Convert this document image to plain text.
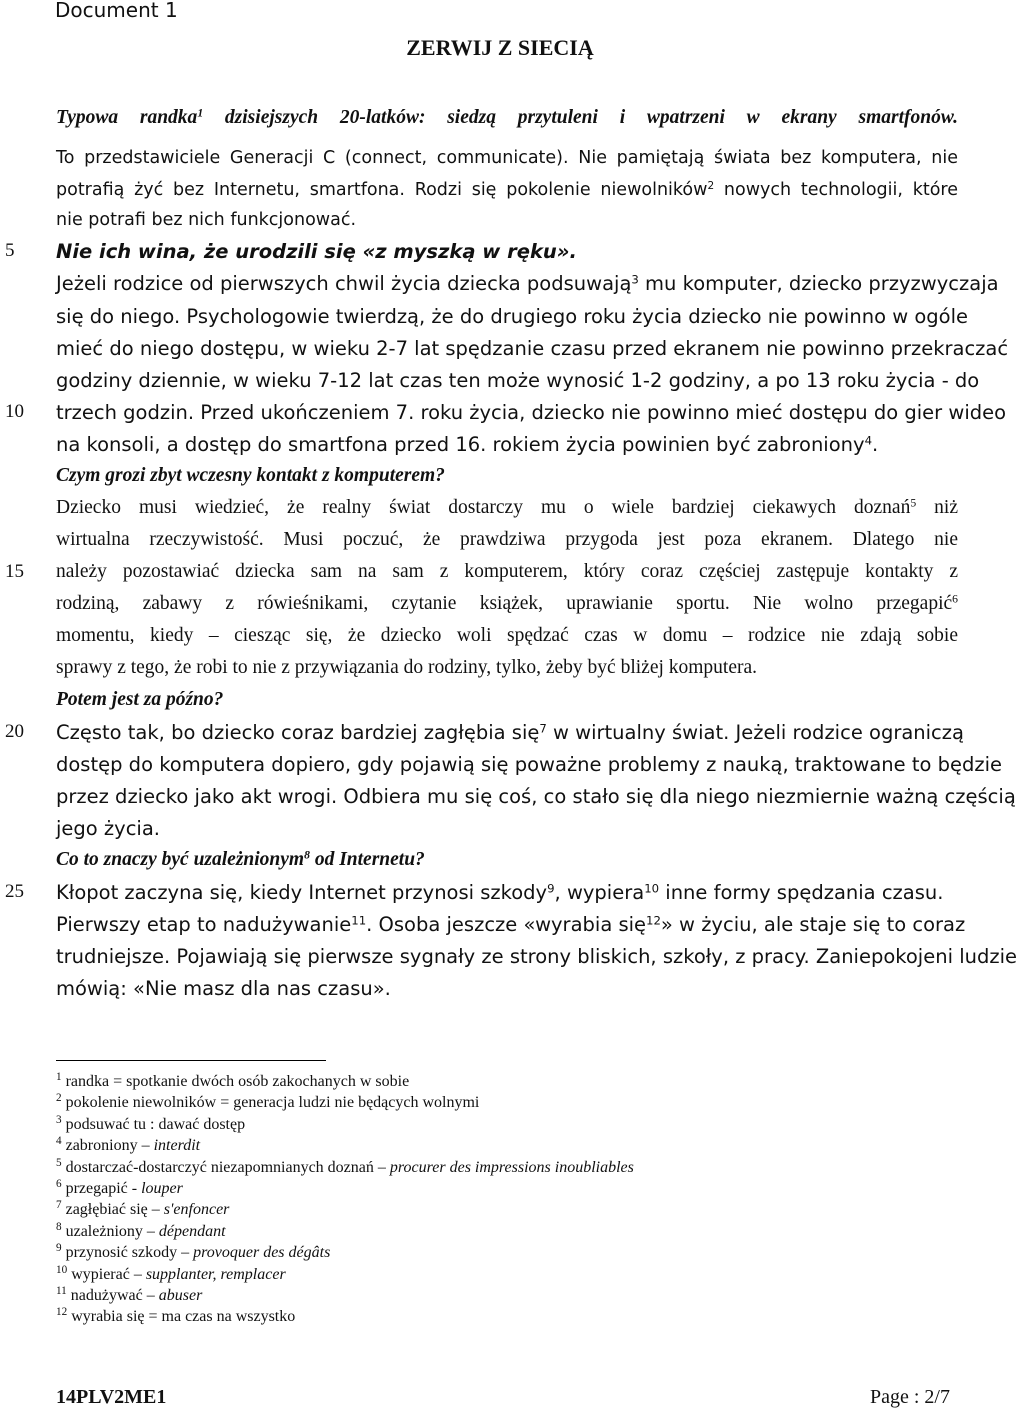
Document 1
ZERWIJ Z SIECIĄ
Typowa randka$^1$ dzisiejszych 20-latków: siedzą przytuleni i wpatrzeni w ekrany smartfonów.
To przedstawiciele Generacji C (connect, communicate). Nie pamiętają świata bez komputera, nie
potrafią żyć bez Internetu, smartfona. Rodzi się pokolenie niewolników$^2$ nowych technologii, które
nie potrafi bez nich funkcjonować.
Nie ich wina, że urodzili się «z myszką w ręku».
Jeżeli rodzice od pierwszych chwil życia dziecka podsuwają$^3$ mu komputer, dziecko przyzwyczaja
się do niego. Psychologowie twierdzą, że do drugiego roku życia dziecko nie powinno w ogóle
mieć do niego dostępu, w wieku 2-7 lat spędzanie czasu przed ekranem nie powinno przekraczać
godziny dziennie, w wieku 7-12 lat czas ten może wynosić 1-2 godziny, a po 13 roku życia - do
trzech godzin. Przed ukończeniem 7. roku życia, dziecko nie powinno mieć dostępu do gier wideo
na konsoli, a dostęp do smartfona przed 16. rokiem życia powinien być zabroniony$^4$.
Czym grozi zbyt wczesny kontakt z komputerem?
Dziecko musi wiedzieć, że realny świat dostarczy mu o wiele bardziej ciekawych doznań$^5$ niż
wirtualna rzeczywistość. Musi poczuć, że prawdziwa przygoda jest poza ekranem. Dlatego nie
należy pozostawiać dziecka sam na sam z komputerem, który coraz częściej zastępuje kontakty z
rodziną, zabawy z rówieśnikami, czytanie książek, uprawianie sportu. Nie wolno przegapić$^6$
momentu, kiedy – ciesząc się, że dziecko woli spędzać czas w domu – rodzice nie zdają sobie
sprawy z tego, że robi to nie z przywiązania do rodziny, tylko, żeby być bliżej komputera.
Potem jest za późno?
Często tak, bo dziecko coraz bardziej zagłębia się$^7$ w wirtualny świat. Jeżeli rodzice ograniczą
dostęp do komputera dopiero, gdy pojawią się poważne problemy z nauką, traktowane to będzie
przez dziecko jako akt wrogi. Odbiera mu się coś, co stało się dla niego niezmiernie ważną częścią
jego życia.
Co to znaczy być uzależnionym$^8$ od Internetu?
Kłopot zaczyna się, kiedy Internet przynosi szkody$^9$, wypiera$^{10}$ inne formy spędzania czasu.
Pierwszy etap to nadużywanie$^{11}$. Osoba jeszcze «wyrabia się$^{12}$» w życiu, ale staje się to coraz
trudniejsze. Pojawiają się pierwsze sygnały ze strony bliskich, szkoły, z pracy. Zaniepokojeni ludzie
mówią: «Nie masz dla nas czasu».
5
10
15
20
25
$^1$ randka = spotkanie dwóch osób zakochanych w sobie
$^2$ pokolenie niewolników = generacja ludzi nie będących wolnymi
$^3$ podsuwać tu : dawać dostęp
$^4$ zabroniony – interdit
$^5$ dostarczać-dostarczyć niezapomnianych doznań – procurer des impressions inoubliables
$^6$ przegapić - louper
$^7$ zagłębiać się – s'enfoncer
$^8$ uzależniony – dépendant
$^9$ przynosić szkody – provoquer des dégâts
$^{10}$ wypierać – supplanter, remplacer
$^{11}$ nadużywać – abuser
$^{12}$ wyrabia się = ma czas na wszystko
14PLV2ME1	Page : 2/7
